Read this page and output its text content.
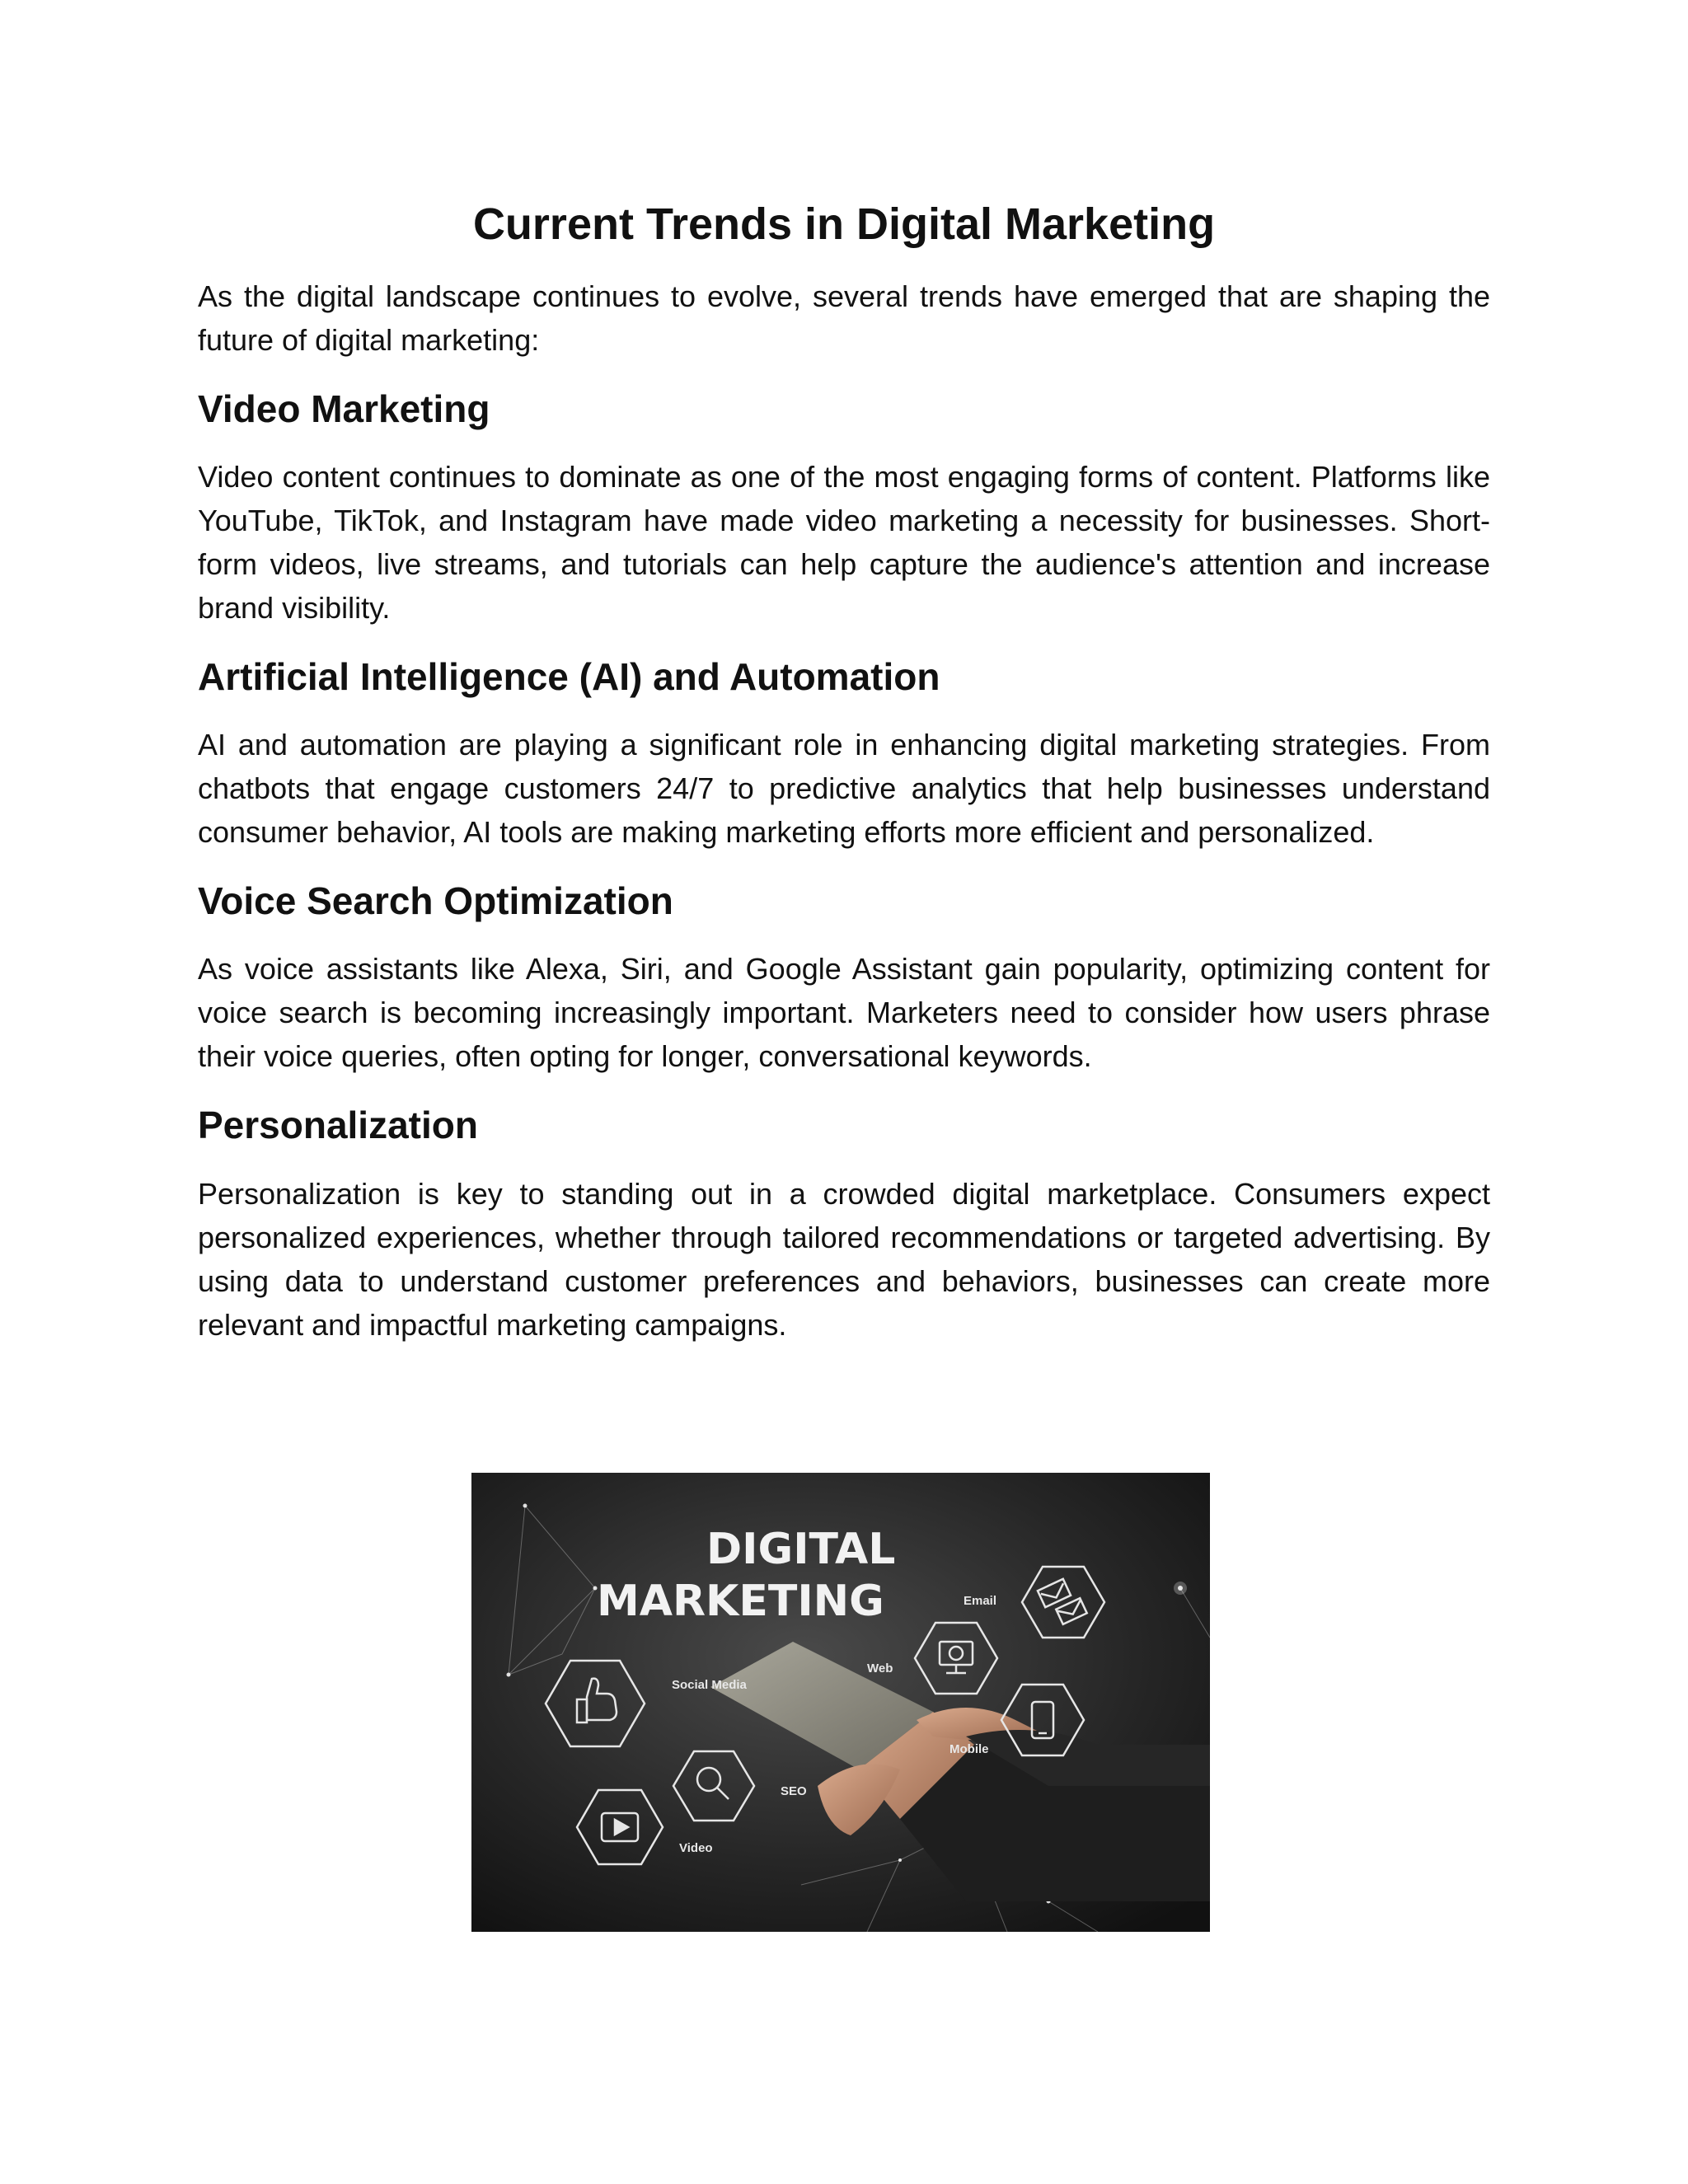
Current Trends in Digital Marketing

As the digital landscape continues to evolve, several trends have emerged that are shaping the future of digital marketing:

Video Marketing

Video content continues to dominate as one of the most engaging forms of content. Platforms like YouTube, TikTok, and Instagram have made video marketing a necessity for businesses. Short-form videos, live streams, and tutorials can help capture the audience's attention and increase brand visibility.

Artificial Intelligence (AI) and Automation

AI and automation are playing a significant role in enhancing digital marketing strategies. From chatbots that engage customers 24/7 to predictive analytics that help businesses understand consumer behavior, AI tools are making marketing efforts more efficient and personalized.

Voice Search Optimization

As voice assistants like Alexa, Siri, and Google Assistant gain popularity, optimizing content for voice search is becoming increasingly important. Marketers need to consider how users phrase their voice queries, often opting for longer, conversational keywords.

Personalization

Personalization is key to standing out in a crowded digital marketplace. Consumers expect personalized experiences, whether through tailored recommendations or targeted advertising. By using data to understand customer preferences and behaviors, businesses can create more relevant and impactful marketing campaigns.

DIGITAL
MARKETING	Email
Web
Social Media
Mobile
SEO
Video
